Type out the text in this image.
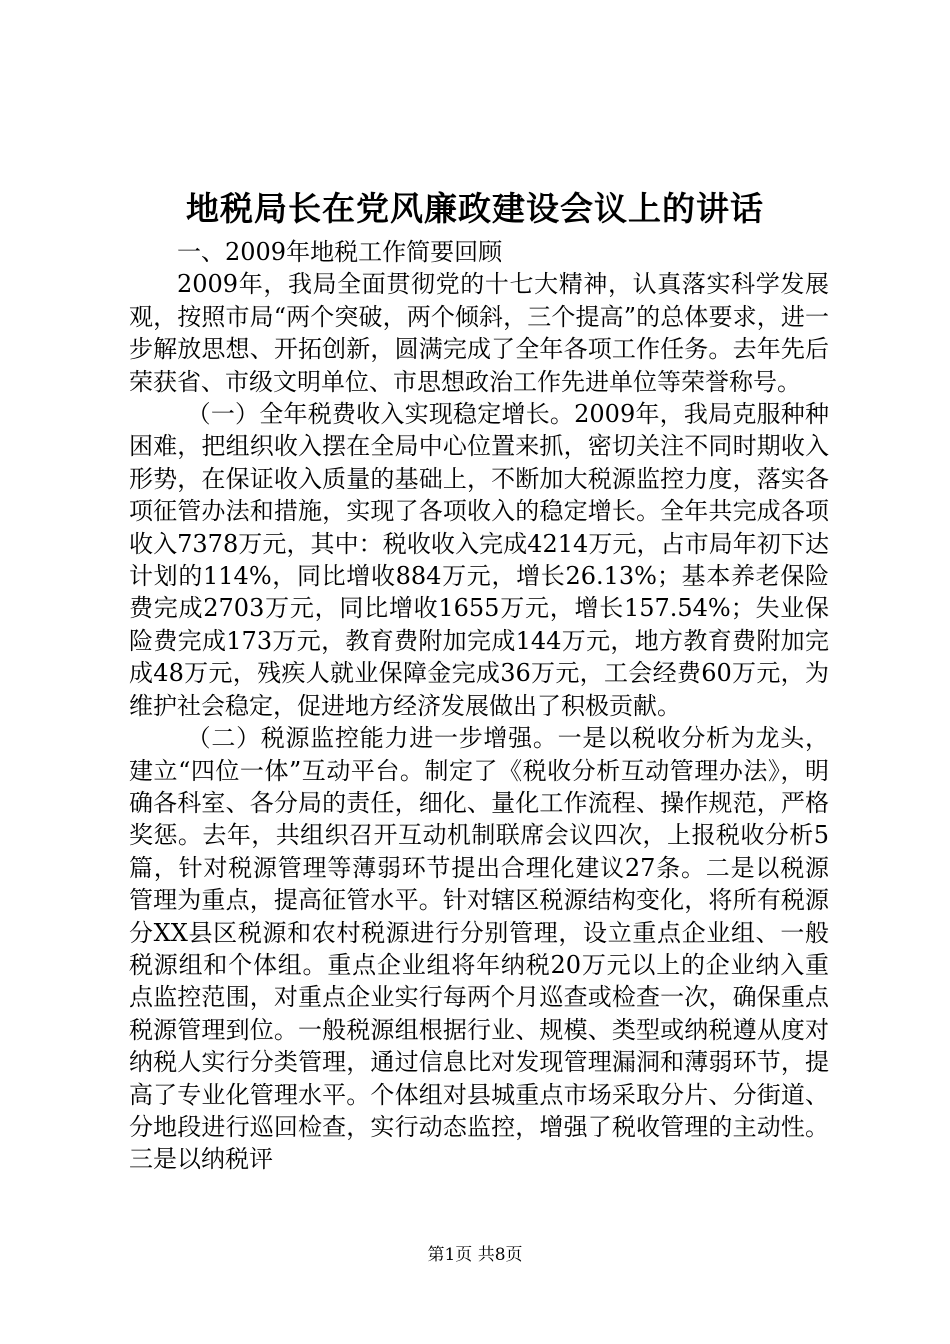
地税局长在党风廉政建设会议上的讲话

一、2009年地税工作简要回顾

2009年，我局全面贯彻党的十七大精神，认真落实科学发展观，按照市局“两个突破，两个倾斜，三个提高”的总体要求，进一步解放思想、开拓创新，圆满完成了全年各项工作任务。去年先后荣获省、市级文明单位、市思想政治工作先进单位等荣誉称号。

（一）全年税费收入实现稳定增长。2009年，我局克服种种困难，把组织收入摆在全局中心位置来抓，密切关注不同时期收入形势，在保证收入质量的基础上，不断加大税源监控力度，落实各项征管办法和措施，实现了各项收入的稳定增长。全年共完成各项收入7378万元，其中：税收收入完成4214万元，占市局年初下达计划的114%，同比增收884万元，增长26.13%；基本养老保险费完成2703万元，同比增收1655万元，增长157.54%；失业保险费完成173万元，教育费附加完成144万元，地方教育费附加完成48万元，残疾人就业保障金完成36万元，工会经费60万元，为维护社会稳定，促进地方经济发展做出了积极贡献。

（二）税源监控能力进一步增强。一是以税收分析为龙头，建立“四位一体”互动平台。制定了《税收分析互动管理办法》，明确各科室、各分局的责任，细化、量化工作流程、操作规范，严格奖惩。去年，共组织召开互动机制联席会议四次，上报税收分析5篇，针对税源管理等薄弱环节提出合理化建议27条。二是以税源管理为重点，提高征管水平。针对辖区税源结构变化，将所有税源分XX县区税源和农村税源进行分别管理，设立重点企业组、一般税源组和个体组。重点企业组将年纳税20万元以上的企业纳入重点监控范围，对重点企业实行每两个月巡查或检查一次，确保重点税源管理到位。一般税源组根据行业、规模、类型或纳税遵从度对纳税人实行分类管理，通过信息比对发现管理漏洞和薄弱环节，提高了专业化管理水平。个体组对县城重点市场采取分片、分街道、分地段进行巡回检查，实行动态监控，增强了税收管理的主动性。三是以纳税评

第1页 共8页
